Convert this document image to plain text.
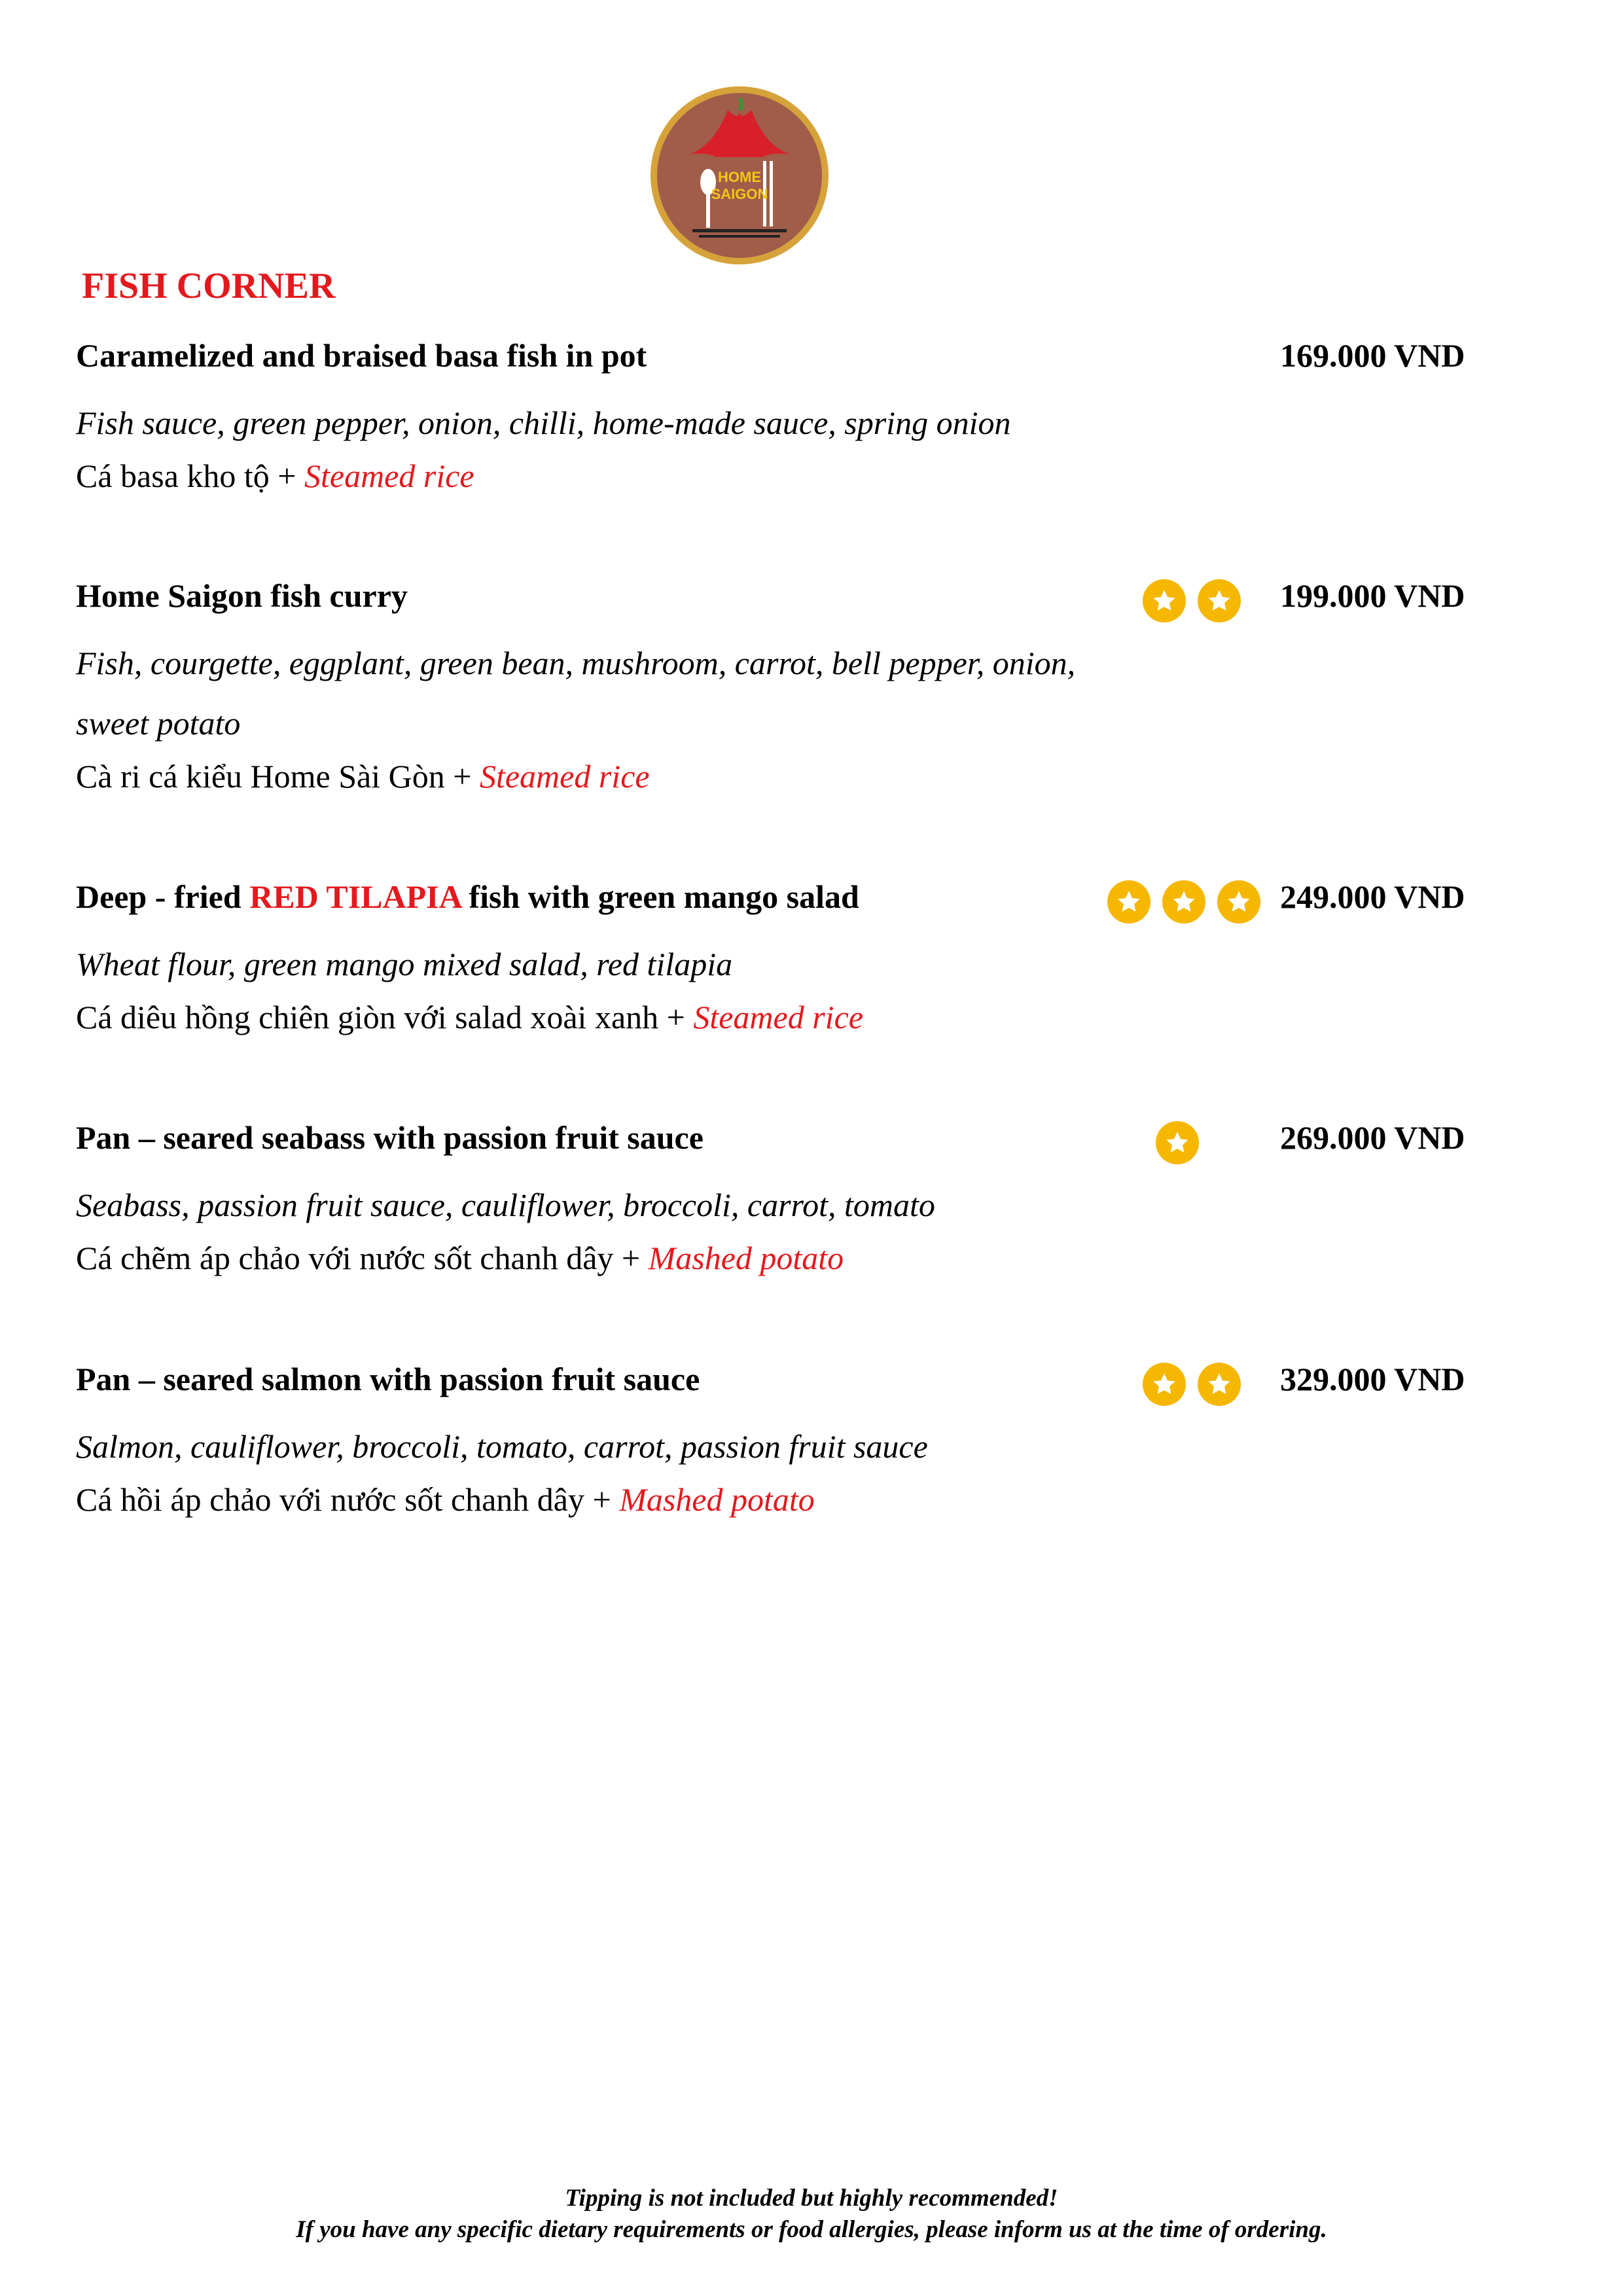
HOME
SAIGON
FISH CORNER
Caramelized and braised basa fish in pot	169.000 VND
Fish sauce, green pepper, onion, chilli, home-made sauce, spring onion
Cá basa kho tộ + Steamed rice
Home Saigon fish curry	199.000 VND
Fish, courgette, eggplant, green bean, mushroom, carrot, bell pepper, onion, sweet potato
Cà ri cá kiểu Home Sài Gòn + Steamed rice
Deep - fried RED TILAPIA fish with green mango salad	249.000 VND
Wheat flour, green mango mixed salad, red tilapia
Cá diêu hồng chiên giòn với salad xoài xanh + Steamed rice
Pan – seared seabass with passion fruit sauce	269.000 VND
Seabass, passion fruit sauce, cauliflower, broccoli, carrot, tomato
Cá chẽm áp chảo với nước sốt chanh dây + Mashed potato
Pan – seared salmon with passion fruit sauce	329.000 VND
Salmon, cauliflower, broccoli, tomato, carrot, passion fruit sauce
Cá hồi áp chảo với nước sốt chanh dây + Mashed potato
Tipping is not included but highly recommended!
If you have any specific dietary requirements or food allergies, please inform us at the time of ordering.
